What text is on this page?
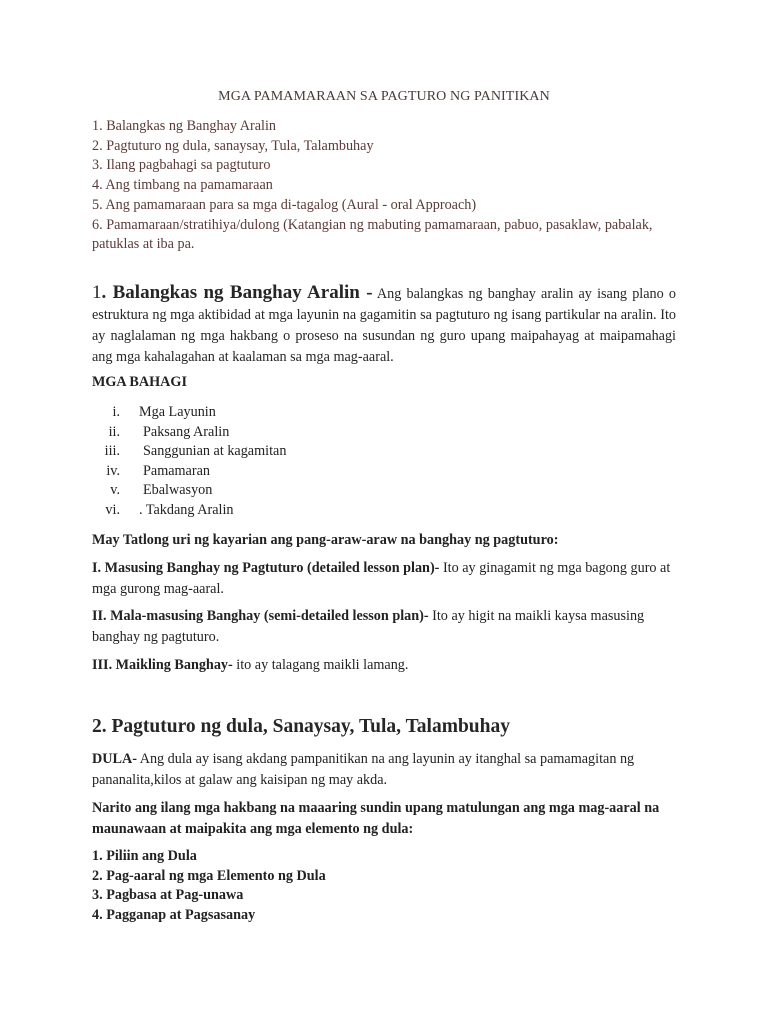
MGA PAMAMARAAN SA PAGTURO NG PANITIKAN
1. Balangkas ng Banghay Aralin
2. Pagtuturo ng dula, sanaysay, Tula, Talambuhay
3. Ilang pagbahagi sa pagtuturo
4. Ang timbang na pamamaraan
5. Ang pamamaraan para sa mga di-tagalog (Aural - oral Approach)
6. Pamamaraan/stratihiya/dulong (Katangian ng mabuting pamamaraan, pabuo, pasaklaw, pabalak, patuklas at iba pa.
1. Balangkas ng Banghay Aralin - Ang balangkas ng banghay aralin ay isang plano o estruktura ng mga aktibidad at mga layunin na gagamitin sa pagtuturo ng isang partikular na aralin. Ito ay naglalaman ng mga hakbang o proseso na susundan ng guro upang maipahayag at maipamahagi ang mga kahalagahan at kaalaman sa mga mag-aaral.
MGA BAHAGI
i. Mga Layunin
ii. Paksang Aralin
iii. Sanggunian at kagamitan
iv. Pamamaran
v. Ebalwasyon
vi. . Takdang Aralin
May Tatlong uri ng kayarian ang pang-araw-araw na banghay ng pagtuturo:
I. Masusing Banghay ng Pagtuturo (detailed lesson plan)- Ito ay ginagamit ng mga bagong guro at mga gurong mag-aaral.
II. Mala-masusing Banghay (semi-detailed lesson plan)- Ito ay higit na maikli kaysa masusing banghay ng pagtuturo.
III. Maikling Banghay- ito ay talagang maikli lamang.
2. Pagtuturo ng dula, Sanaysay, Tula, Talambuhay
DULA- Ang dula ay isang akdang pampanitikan na ang layunin ay itanghal sa pamamagitan ng pananalita,kilos at galaw ang kaisipan ng may akda.
Narito ang ilang mga hakbang na maaaring sundin upang matulungan ang mga mag-aaral na maunawaan at maipakita ang mga elemento ng dula:
1. Piliin ang Dula
2. Pag-aaral ng mga Elemento ng Dula
3. Pagbasa at Pag-unawa
4. Pagganap at Pagsasanay
